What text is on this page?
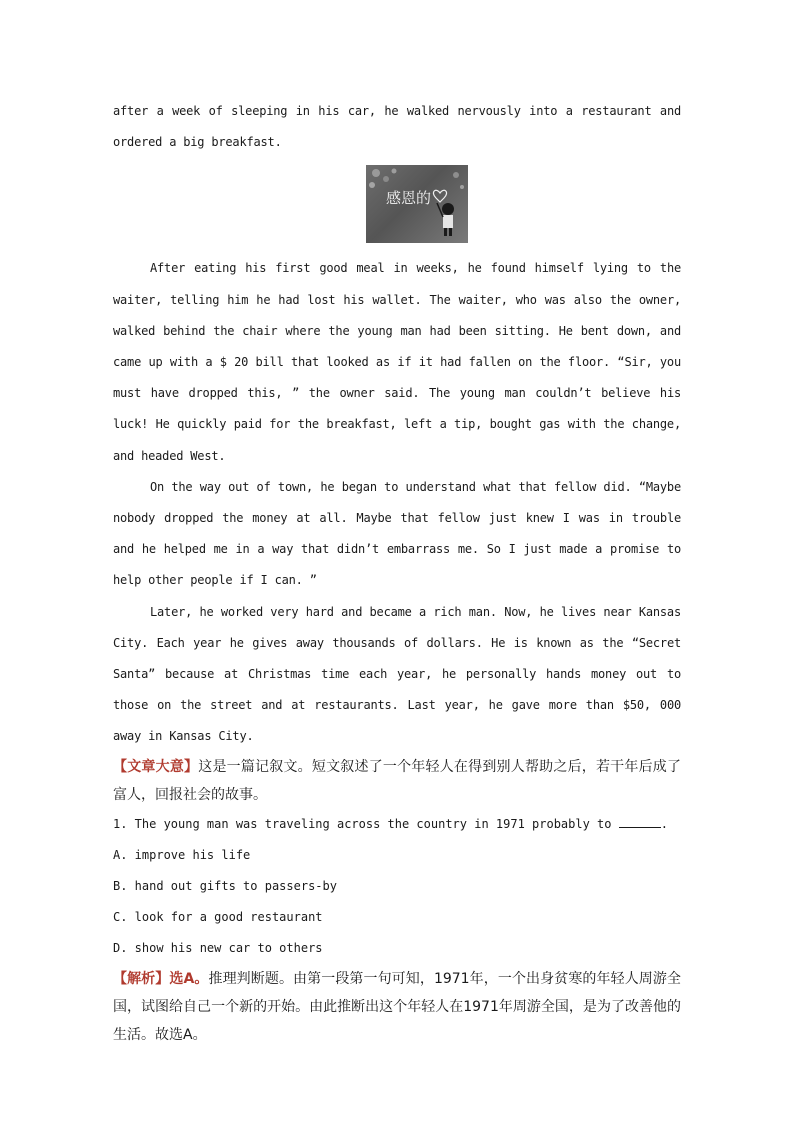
after a week of sleeping in his car, he walked nervously into a restaurant and ordered a big breakfast.

感恩的

After eating his first good meal in weeks, he found himself lying to the waiter, telling him he had lost his wallet. The waiter, who was also the owner, walked behind the chair where the young man had been sitting. He bent down, and came up with a $ 20 bill that looked as if it had fallen on the floor. “Sir, you must have dropped this, ” the owner said. The young man couldn’t believe his luck! He quickly paid for the breakfast, left a tip, bought gas with the change, and headed West.

On the way out of town, he began to understand what that fellow did. “Maybe nobody dropped the money at all. Maybe that fellow just knew I was in trouble and he helped me in a way that didn’t embarrass me. So I just made a promise to help other people if I can. ”

Later, he worked very hard and became a rich man. Now, he lives near Kansas City. Each year he gives away thousands of dollars. He is known as the “Secret Santa” because at Christmas time each year, he personally hands money out to those on the street and at restaurants. Last year, he gave more than $50, 000 away in Kansas City.

【文章大意】这是一篇记叙文。短文叙述了一个年轻人在得到别人帮助之后，若干年后成了富人，回报社会的故事。

1. The young man was traveling across the country in 1971 probably to	.

A. improve his life

B. hand out gifts to passers-by

C. look for a good restaurant

D. show his new car to others

【解析】选A。推理判断题。由第一段第一句可知，1971年，一个出身贫寒的年轻人周游全国，试图给自己一个新的开始。由此推断出这个年轻人在1971年周游全国，是为了改善他的生活。故选A。
